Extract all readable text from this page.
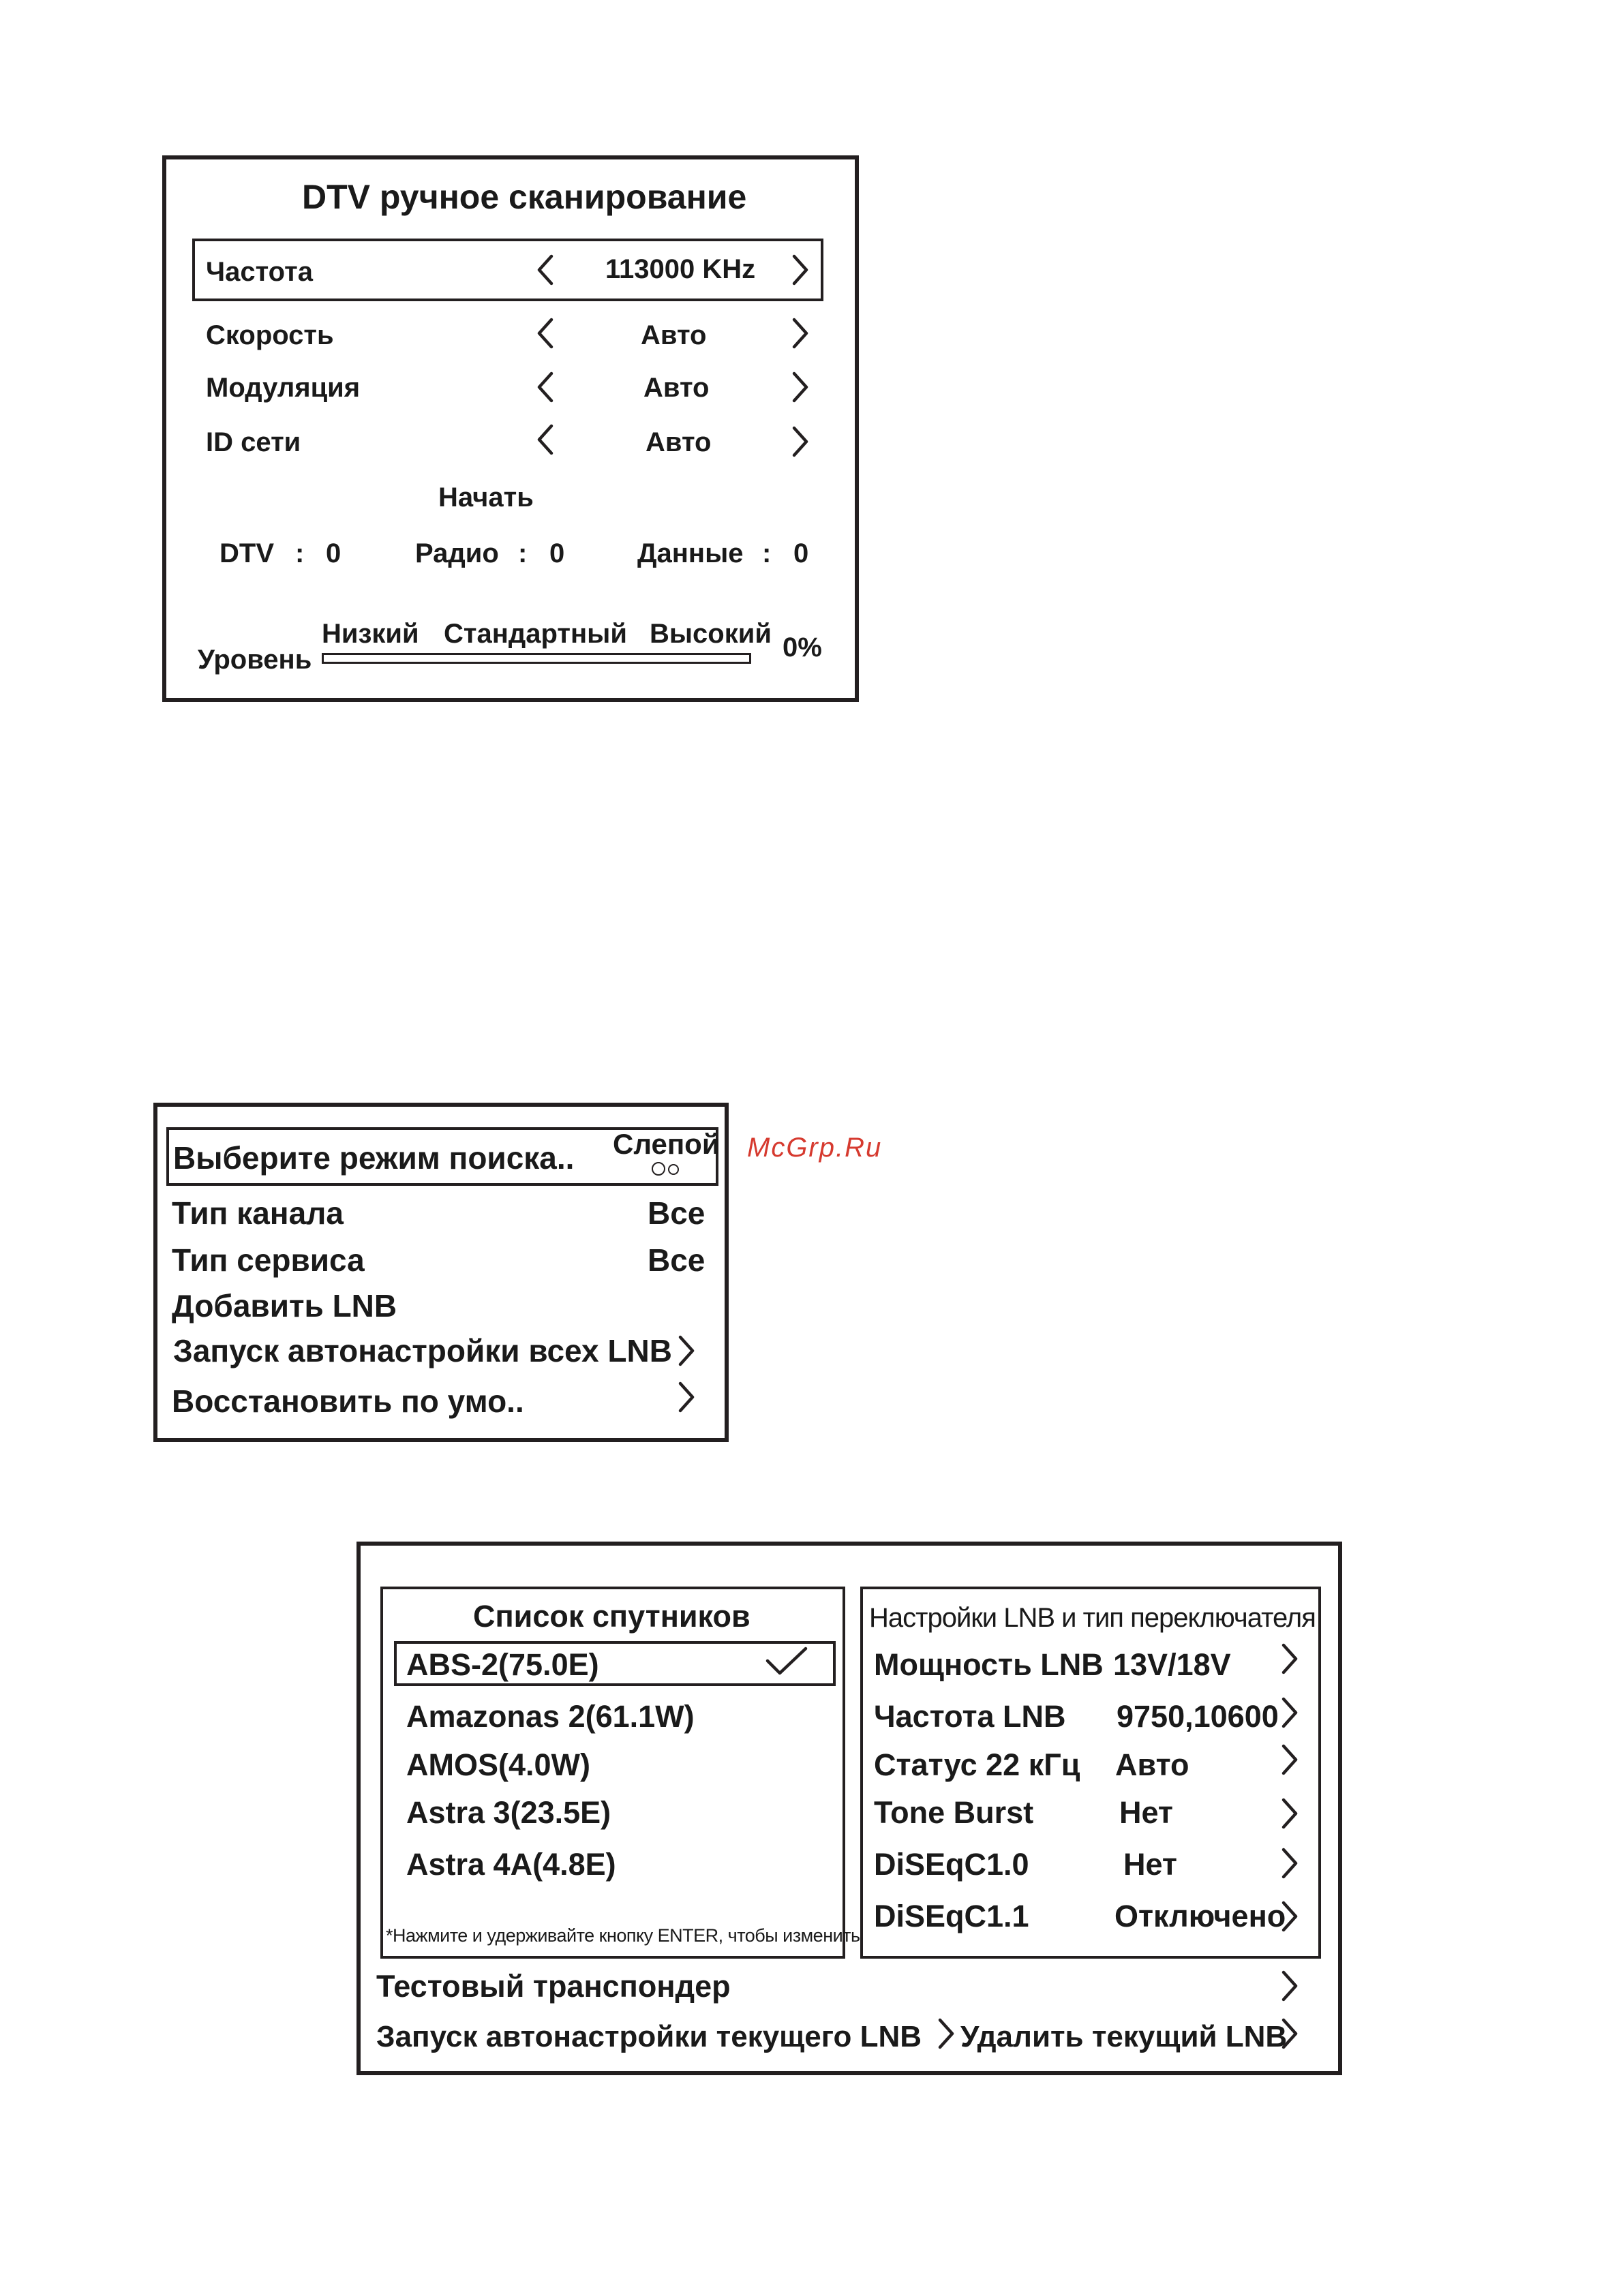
DTV ручное сканирование
Частота	113000 KHz
Скорость	Авто
Модуляция	Авто
ID сети	Авто
Начать
DTV : 0	Радио : 0	Данные : 0
Низкий Стандартный Высокий
Уровень	0%
Выберите режим поиска.. Слепой
Тип канала	Все
Тип сервиса	Все
Добавить LNB
Запуск автонастройки всех LNB
Восстановить по умо..
McGrp.Ru
Список спутников
ABS-2(75.0E)
Amazonas 2(61.1W)
AMOS(4.0W)
Astra 3(23.5E)
Astra 4A(4.8E)
*Нажмите и удерживайте кнопку ENTER, чтобы изменить
Настройки LNB и тип переключателя
Мощность LNB 13V/18V
Частота LNB 9750,10600
Статус 22 кГц Авто
Tone Burst	Нет
DiSEqC1.0	Нет
DiSEqC1.1	Отключено
Тестовый транспондер
Запуск автонастройки текущего LNB Удалить текущий LNB
